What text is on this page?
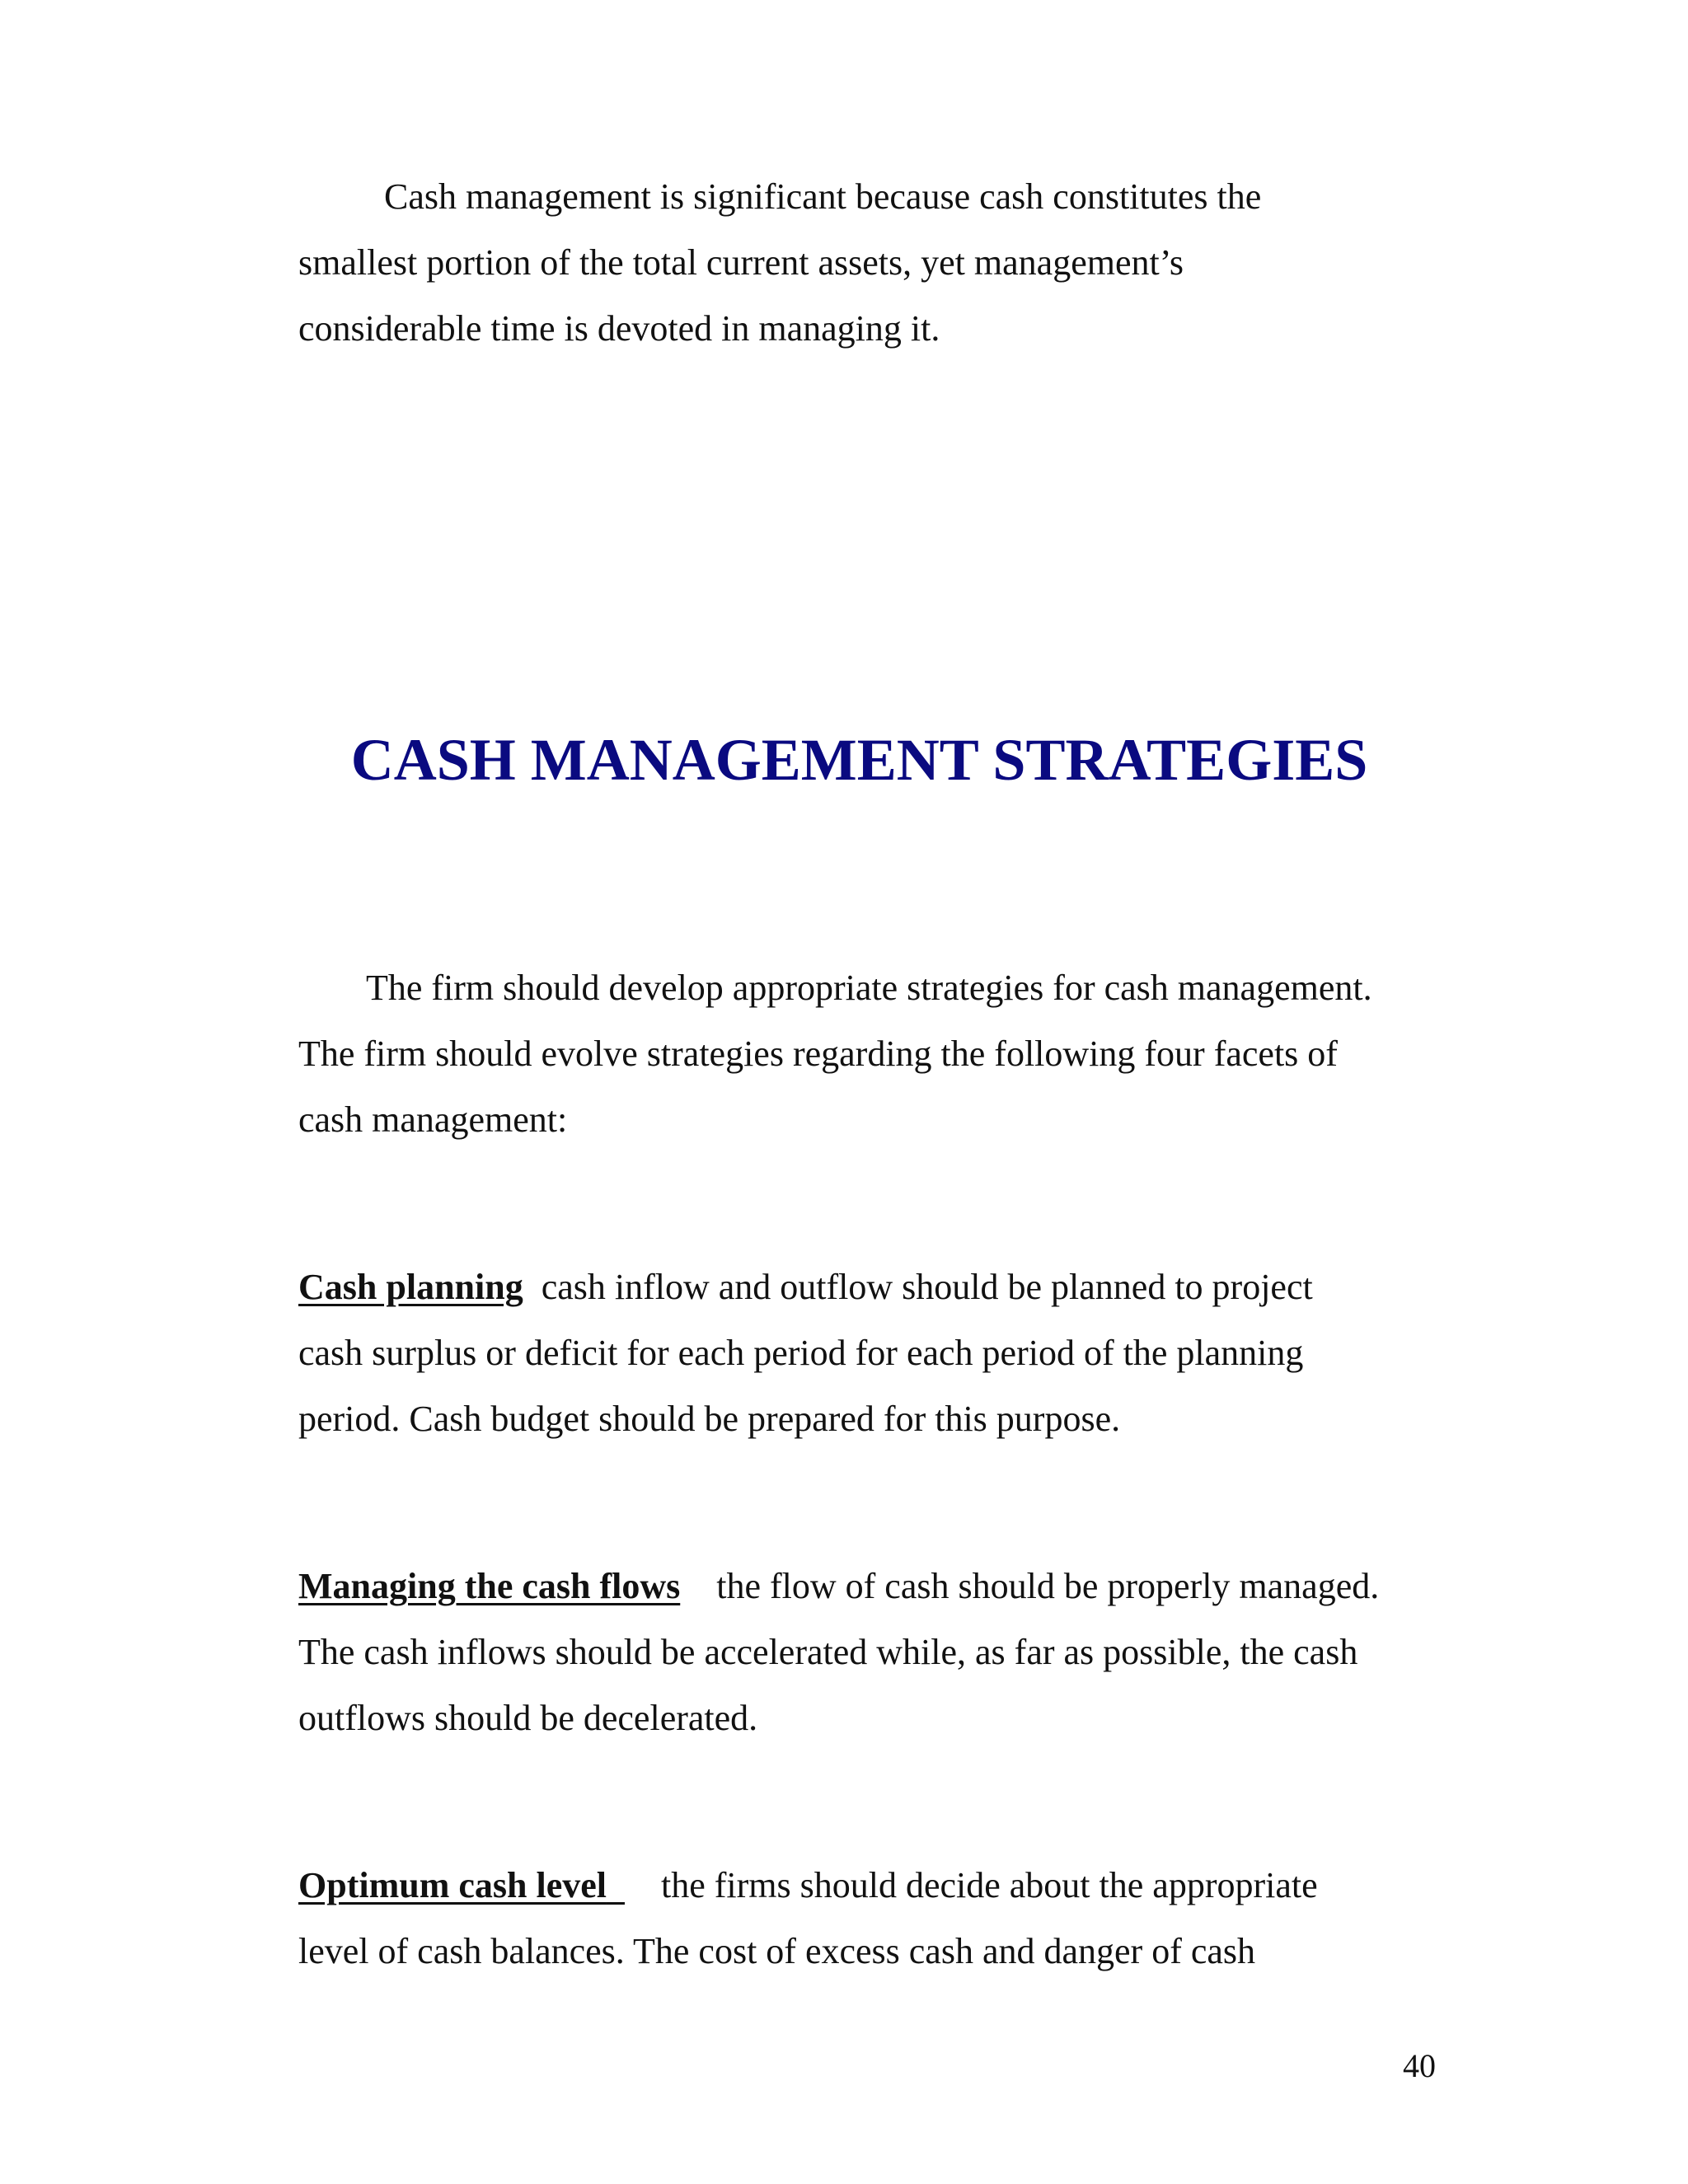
Cash management is significant because cash constitutes the
smallest portion of the total current assets, yet management’s
considerable time is devoted in managing it.
CASH MANAGEMENT STRATEGIES
The firm should develop appropriate strategies for cash management.
The firm should evolve strategies regarding the following four facets of
cash management:
Cash planning cash inflow and outflow should be planned to project
cash surplus or deficit for each period for each period of the planning
period. Cash budget should be prepared for this purpose.
Managing the cash flows the flow of cash should be properly managed.
The cash inflows should be accelerated while, as far as possible, the cash
outflows should be decelerated.
Optimum cash level the firms should decide about the appropriate
level of cash balances. The cost of excess cash and danger of cash
40
